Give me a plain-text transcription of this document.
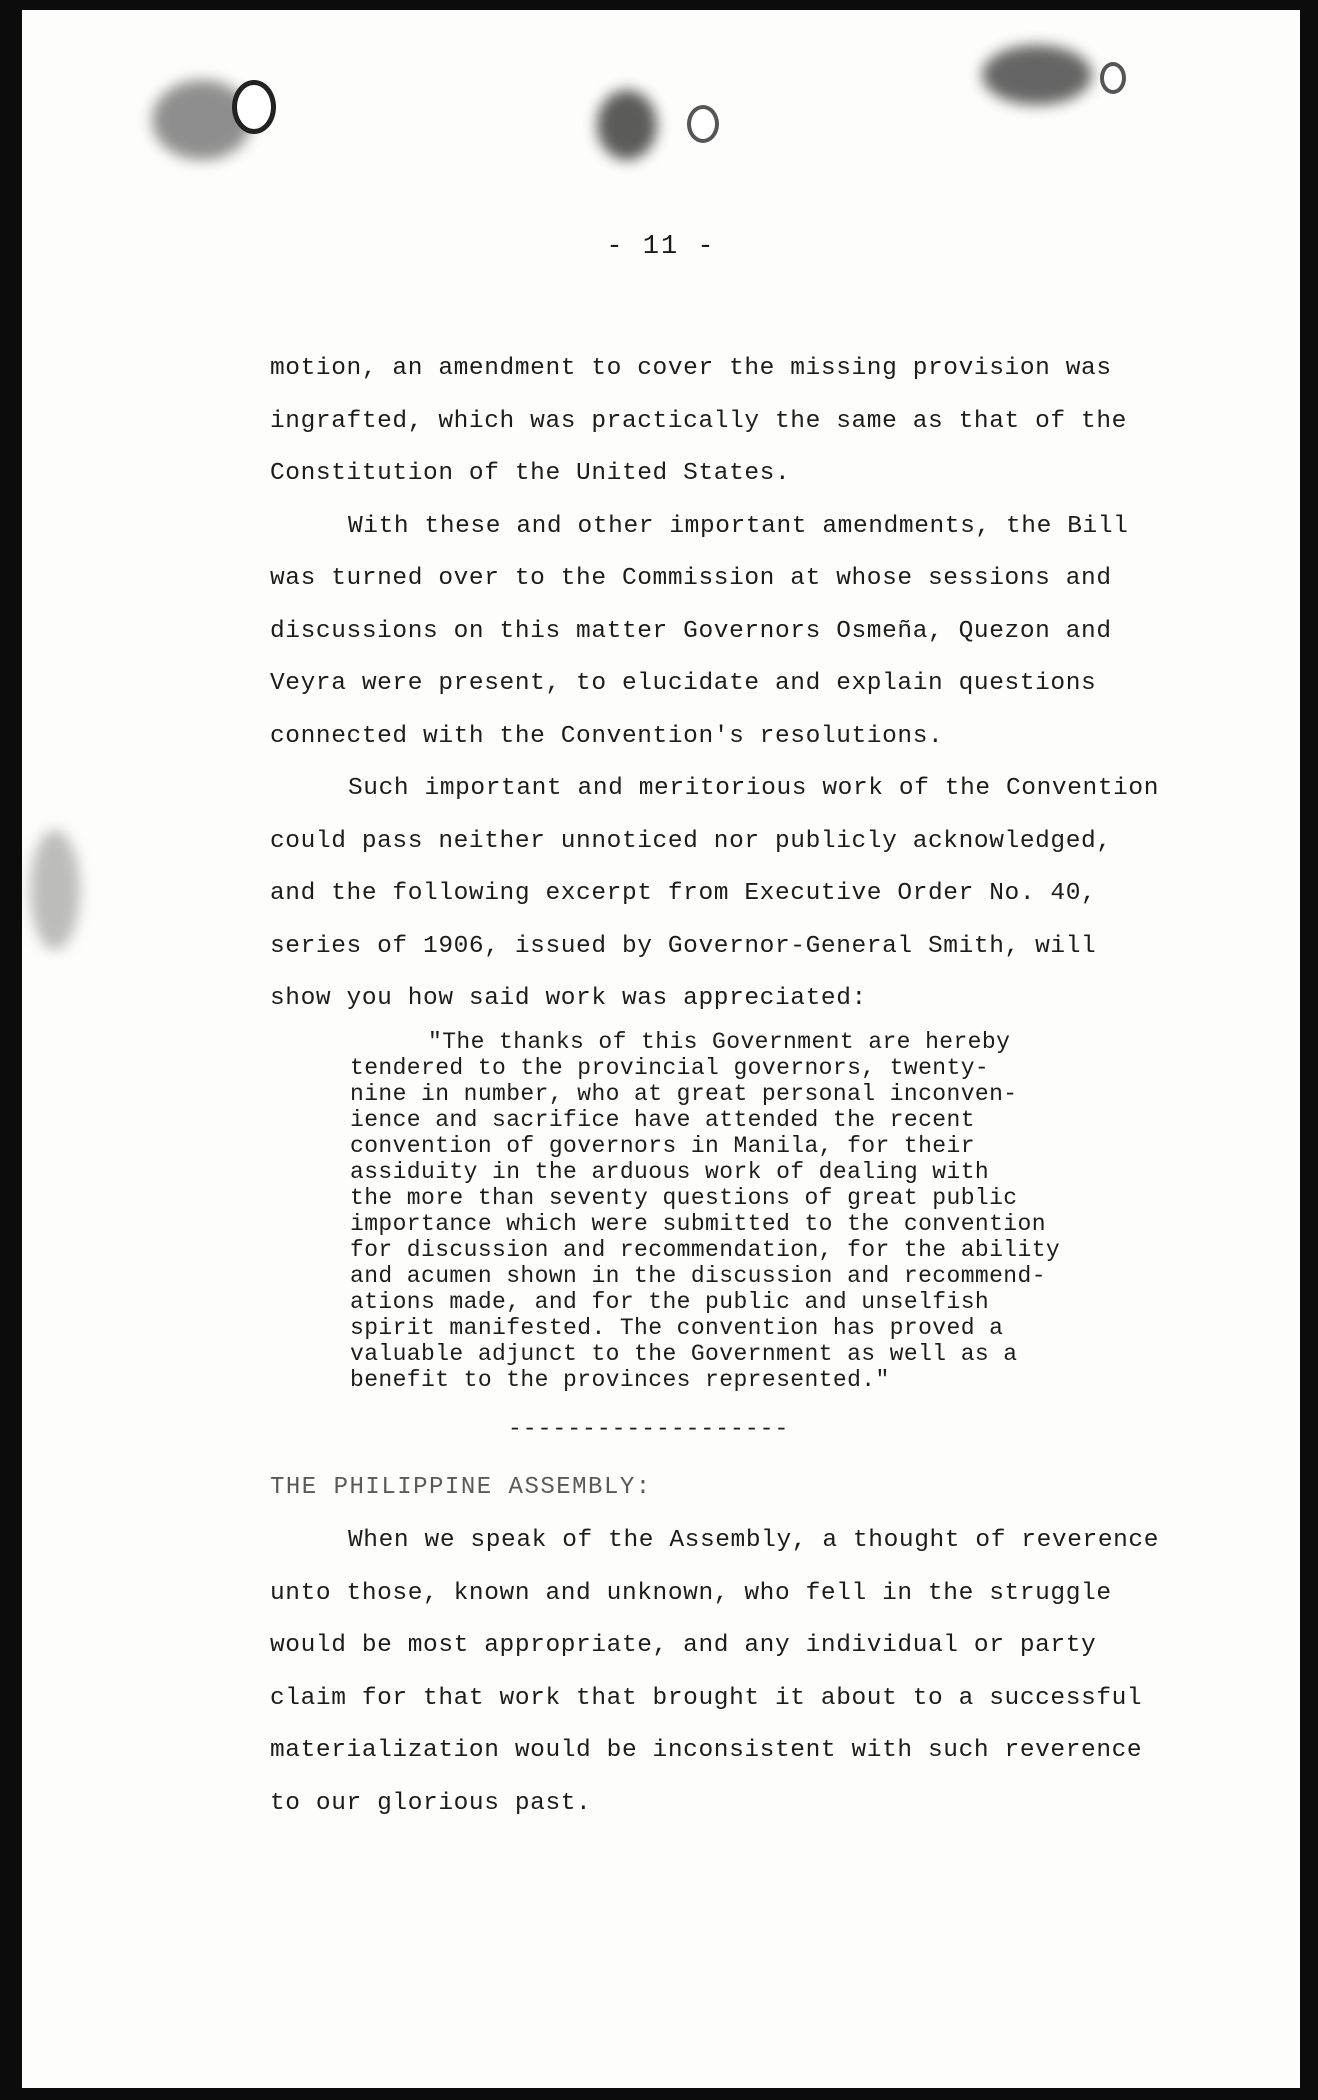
- 11 -
motion, an amendment to cover the missing provision was
ingrafted, which was practically the same as that of the
Constitution of the United States.
With these and other important amendments, the Bill
was turned over to the Commission at whose sessions and
discussions on this matter Governors Osmeña, Quezon and
Veyra were present, to elucidate and explain questions
connected with the Convention's resolutions.
Such important and meritorious work of the Convention
could pass neither unnoticed nor publicly acknowledged,
and the following excerpt from Executive Order No. 40,
series of 1906, issued by Governor-General Smith, will
show you how said work was appreciated:
"The thanks of this Government are hereby
tendered to the provincial governors, twenty-
nine in number, who at great personal inconven-
ience and sacrifice have attended the recent
convention of governors in Manila, for their
assiduity in the arduous work of dealing with
the more than seventy questions of great public
importance which were submitted to the convention
for discussion and recommendation, for the ability
and acumen shown in the discussion and recommend-
ations made, and for the public and unselfish
spirit manifested. The convention has proved a
valuable adjunct to the Government as well as a
benefit to the provinces represented."
-------------------
THE PHILIPPINE ASSEMBLY:
When we speak of the Assembly, a thought of reverence
unto those, known and unknown, who fell in the struggle
would be most appropriate, and any individual or party
claim for that work that brought it about to a successful
materialization would be inconsistent with such reverence
to our glorious past.
